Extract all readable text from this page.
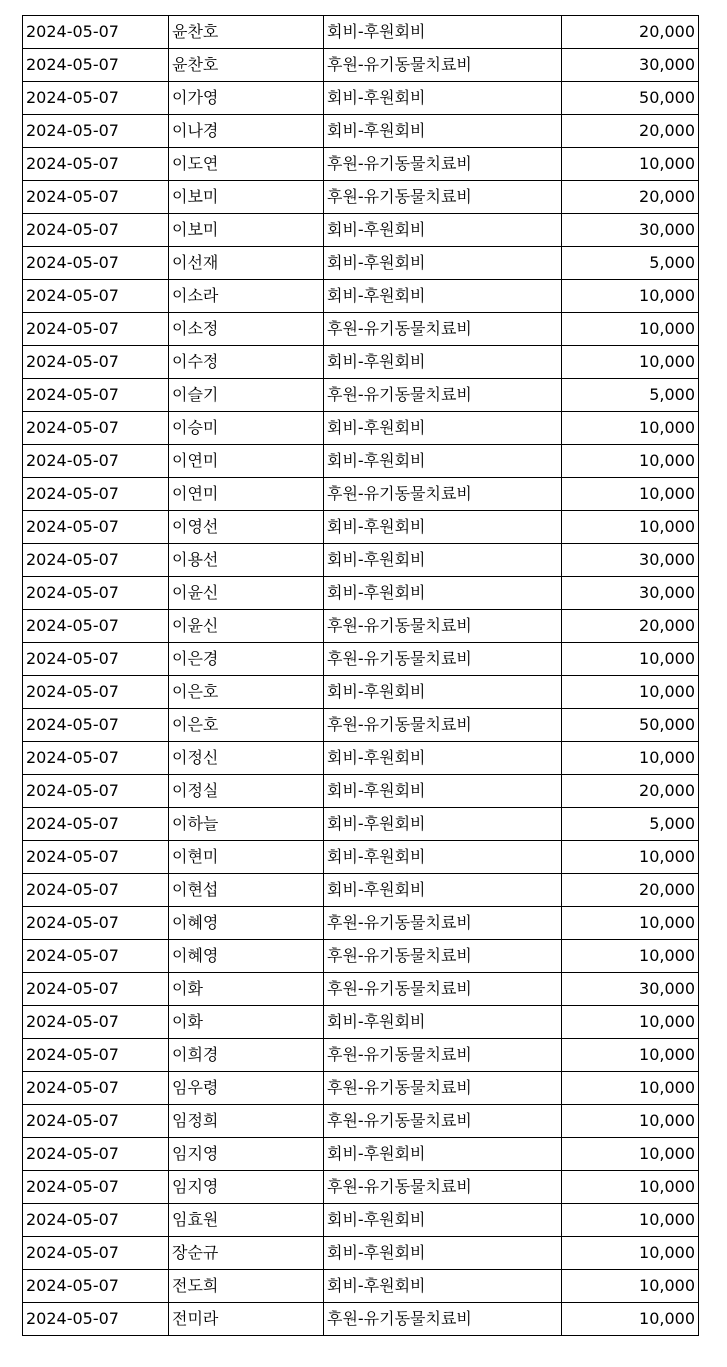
2024-05-07	윤찬호	회비-후원회비	20,000
2024-05-07	윤찬호	후원-유기동물치료비	30,000
2024-05-07	이가영	회비-후원회비	50,000
2024-05-07	이나경	회비-후원회비	20,000
2024-05-07	이도연	후원-유기동물치료비	10,000
2024-05-07	이보미	후원-유기동물치료비	20,000
2024-05-07	이보미	회비-후원회비	30,000
2024-05-07	이선재	회비-후원회비	5,000
2024-05-07	이소라	회비-후원회비	10,000
2024-05-07	이소정	후원-유기동물치료비	10,000
2024-05-07	이수정	회비-후원회비	10,000
2024-05-07	이슬기	후원-유기동물치료비	5,000
2024-05-07	이승미	회비-후원회비	10,000
2024-05-07	이연미	회비-후원회비	10,000
2024-05-07	이연미	후원-유기동물치료비	10,000
2024-05-07	이영선	회비-후원회비	10,000
2024-05-07	이용선	회비-후원회비	30,000
2024-05-07	이윤신	회비-후원회비	30,000
2024-05-07	이윤신	후원-유기동물치료비	20,000
2024-05-07	이은경	후원-유기동물치료비	10,000
2024-05-07	이은호	회비-후원회비	10,000
2024-05-07	이은호	후원-유기동물치료비	50,000
2024-05-07	이정신	회비-후원회비	10,000
2024-05-07	이정실	회비-후원회비	20,000
2024-05-07	이하늘	회비-후원회비	5,000
2024-05-07	이현미	회비-후원회비	10,000
2024-05-07	이현섭	회비-후원회비	20,000
2024-05-07	이혜영	후원-유기동물치료비	10,000
2024-05-07	이혜영	후원-유기동물치료비	10,000
2024-05-07	이화	후원-유기동물치료비	30,000
2024-05-07	이화	회비-후원회비	10,000
2024-05-07	이희경	후원-유기동물치료비	10,000
2024-05-07	임우령	후원-유기동물치료비	10,000
2024-05-07	임정희	후원-유기동물치료비	10,000
2024-05-07	임지영	회비-후원회비	10,000
2024-05-07	임지영	후원-유기동물치료비	10,000
2024-05-07	임효원	회비-후원회비	10,000
2024-05-07	장순규	회비-후원회비	10,000
2024-05-07	전도희	회비-후원회비	10,000
2024-05-07	전미라	후원-유기동물치료비	10,000
